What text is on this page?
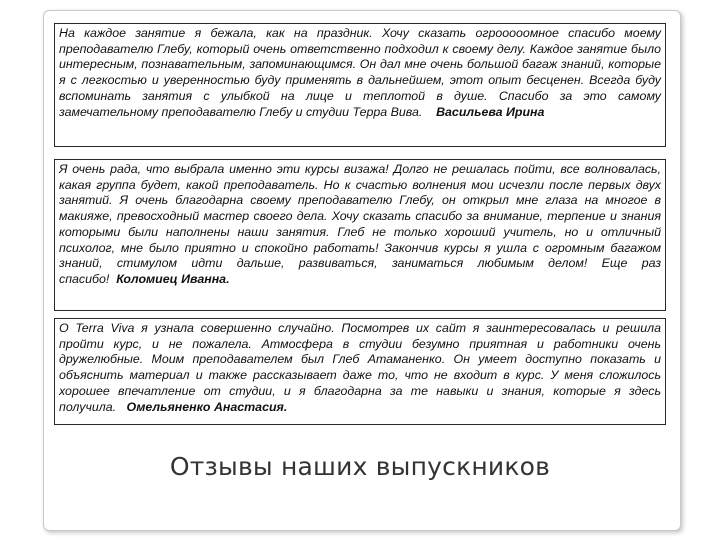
На каждое занятие я бежала, как на праздник. Хочу сказать огрооооомное спасибо моему преподавателю Глебу, который очень ответственно подходил к своему делу. Каждое занятие было интересным, познавательным, запоминающимся. Он дал мне очень большой багаж знаний, которые я с легкостью и уверенностью буду применять в дальнейшем, этот опыт бесценен. Всегда буду вспоминать занятия с улыбкой на лице и теплотой в душе. Спасибо за это самому замечательному преподавателю Глебу и студии Терра Вива. Васильева Ирина

Я очень рада, что выбрала именно эти курсы визажа! Долго не решалась пойти, все волновалась, какая группа будет, какой преподаватель. Но к счастью волнения мои исчезли после первых двух занятий. Я очень благодарна своему преподавателю Глебу, он открыл мне глаза на многое в макияже, превосходный мастер своего дела. Хочу сказать спасибо за внимание, терпение и знания которыми были наполнены наши занятия. Глеб не только хороший учитель, но и отличный психолог, мне было приятно и спокойно работать! Закончив курсы я ушла с огромным багажом знаний, стимулом идти дальше, развиваться, заниматься любимым делом! Еще раз спасибо! Коломиец Иванна.

О Terra Viva я узнала совершенно случайно. Посмотрев их сайт я заинтересовалась и решила пройти курс, и не пожалела. Атмосфера в студии безумно приятная и работники очень дружелюбные. Моим преподавателем был Глеб Атаманенко. Он умеет доступно показать и объяснить материал и также рассказывает даже то, что не входит в курс. У меня сложилось хорошее впечатление от студии, и я благодарна за те навыки и знания, которые я здесь получила. Омельяненко Анастасия.

Отзывы наших выпускников
